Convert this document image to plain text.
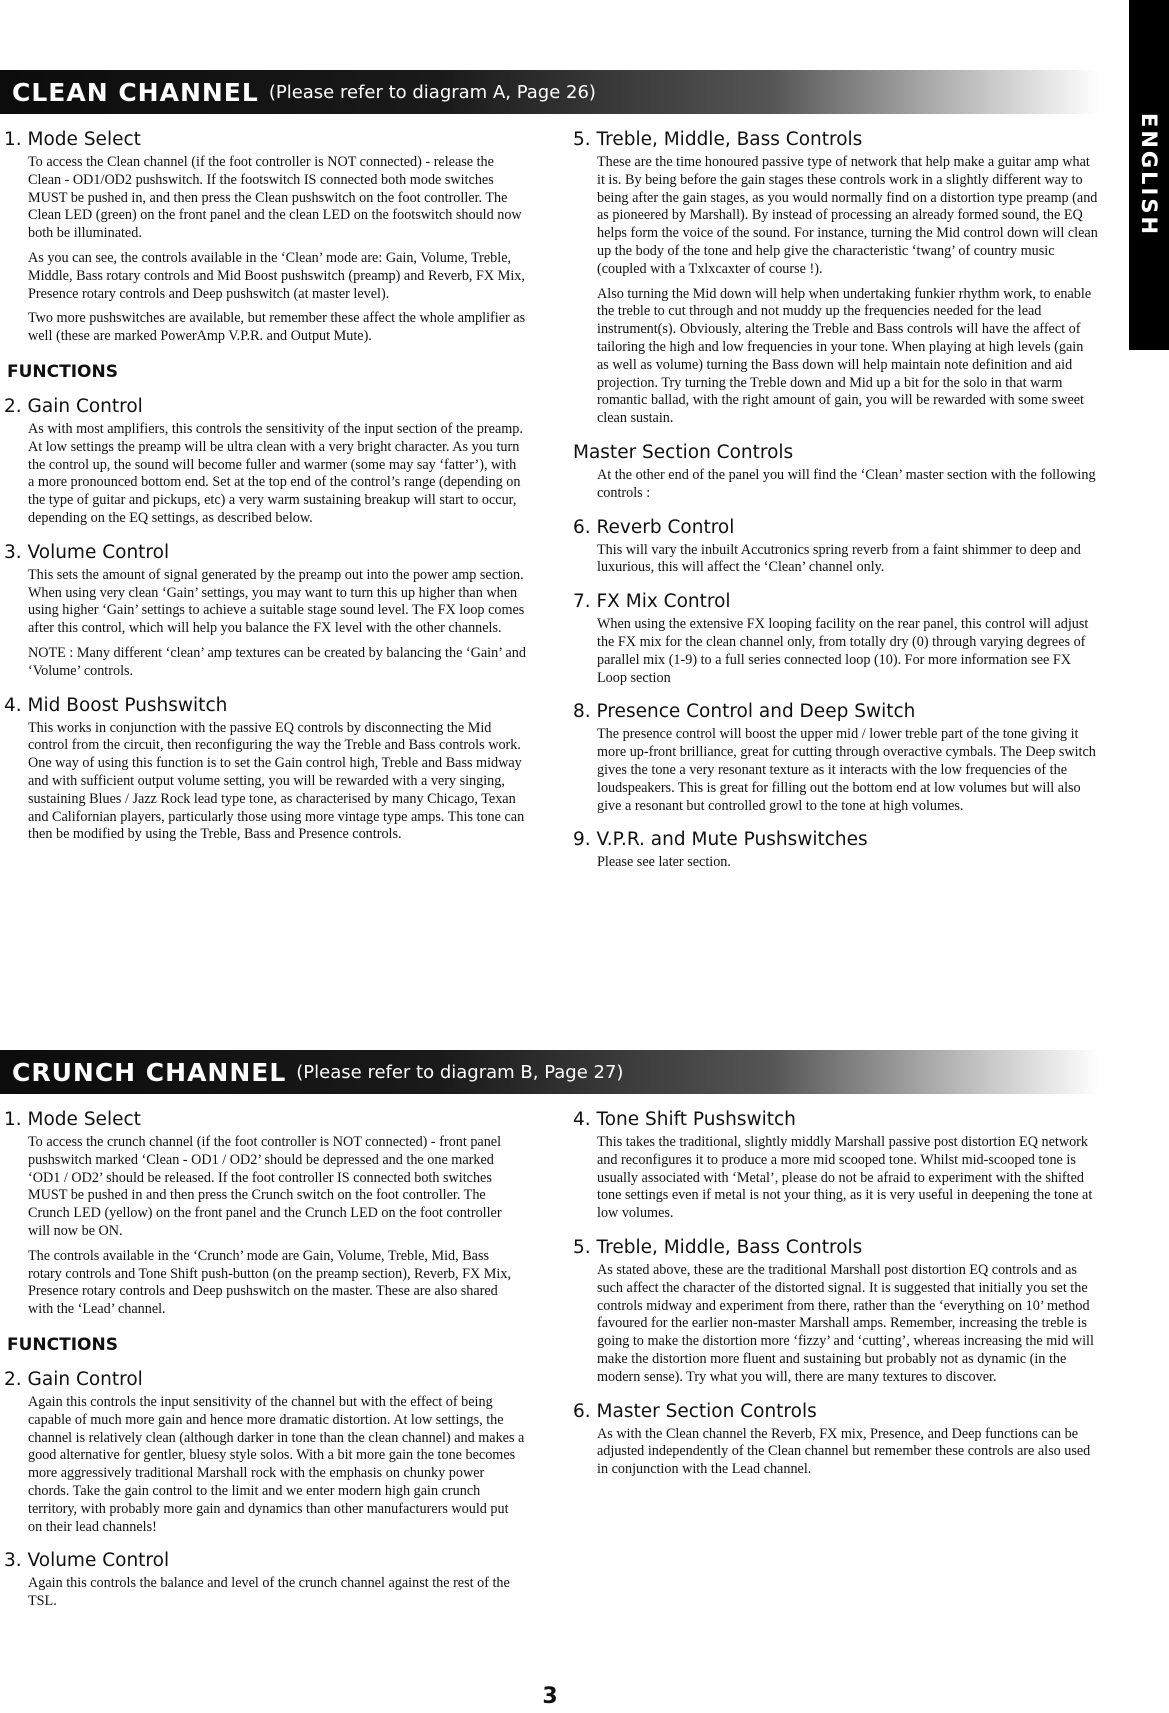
ENGLISH
CLEAN CHANNEL (Please refer to diagram A, Page 26)
1. Mode Select

To access the Clean channel (if the foot controller is NOT connected) - release the Clean - OD1/OD2 pushswitch. If the footswitch IS connected both mode switches MUST be pushed in, and then press the Clean pushswitch on the foot controller. The Clean LED (green) on the front panel and the clean LED on the footswitch should now both be illuminated.

As you can see, the controls available in the ‘Clean’ mode are: Gain, Volume, Treble, Middle, Bass rotary controls and Mid Boost pushswitch (preamp) and Reverb, FX Mix, Presence rotary controls and Deep pushswitch (at master level).

Two more pushswitches are available, but remember these affect the whole amplifier as well (these are marked PowerAmp V.P.R. and Output Mute).

FUNCTIONS
2. Gain Control

As with most amplifiers, this controls the sensitivity of the input section of the preamp. At low settings the preamp will be ultra clean with a very bright character. As you turn the control up, the sound will become fuller and warmer (some may say ‘fatter’), with a more pronounced bottom end. Set at the top end of the control’s range (depending on the type of guitar and pickups, etc) a very warm sustaining breakup will start to occur, depending on the EQ settings, as described below.

3. Volume Control

This sets the amount of signal generated by the preamp out into the power amp section. When using very clean ‘Gain’ settings, you may want to turn this up higher than when using higher ‘Gain’ settings to achieve a suitable stage sound level. The FX loop comes after this control, which will help you balance the FX level with the other channels.

NOTE : Many different ‘clean’ amp textures can be created by balancing the ‘Gain’ and ‘Volume’ controls.

4. Mid Boost Pushswitch

This works in conjunction with the passive EQ controls by disconnecting the Mid control from the circuit, then reconfiguring the way the Treble and Bass controls work. One way of using this function is to set the Gain control high, Treble and Bass midway and with sufficient output volume setting, you will be rewarded with a very singing, sustaining Blues / Jazz Rock lead type tone, as characterised by many Chicago, Texan and Californian players, particularly those using more vintage type amps. This tone can then be modified by using the Treble, Bass and Presence controls.

5. Treble, Middle, Bass Controls

These are the time honoured passive type of network that help make a guitar amp what it is. By being before the gain stages these controls work in a slightly different way to being after the gain stages, as you would normally find on a distortion type preamp (and as pioneered by Marshall). By instead of processing an already formed sound, the EQ helps form the voice of the sound. For instance, turning the Mid control down will clean up the body of the tone and help give the characteristic ‘twang’ of country music (coupled with a Txlxcaxter of course !).

Also turning the Mid down will help when undertaking funkier rhythm work, to enable the treble to cut through and not muddy up the frequencies needed for the lead instrument(s). Obviously, altering the Treble and Bass controls will have the affect of tailoring the high and low frequencies in your tone. When playing at high levels (gain as well as volume) turning the Bass down will help maintain note definition and aid projection. Try turning the Treble down and Mid up a bit for the solo in that warm romantic ballad, with the right amount of gain, you will be rewarded with some sweet clean sustain.

Master Section Controls

At the other end of the panel you will find the ‘Clean’ master section with the following controls :

6. Reverb Control

This will vary the inbuilt Accutronics spring reverb from a faint shimmer to deep and luxurious, this will affect the ‘Clean’ channel only.

7. FX Mix Control

When using the extensive FX looping facility on the rear panel, this control will adjust the FX mix for the clean channel only, from totally dry (0) through varying degrees of parallel mix (1-9) to a full series connected loop (10). For more information see FX Loop section

8. Presence Control and Deep Switch

The presence control will boost the upper mid / lower treble part of the tone giving it more up-front brilliance, great for cutting through overactive cymbals. The Deep switch gives the tone a very resonant texture as it interacts with the low frequencies of the loudspeakers. This is great for filling out the bottom end at low volumes but will also give a resonant but controlled growl to the tone at high volumes.

9. V.P.R. and Mute Pushswitches

Please see later section.

CRUNCH CHANNEL (Please refer to diagram B, Page 27)
1. Mode Select

To access the crunch channel (if the foot controller is NOT connected) - front panel pushswitch marked ‘Clean - OD1 / OD2’ should be depressed and the one marked ‘OD1 / OD2’ should be released. If the foot controller IS connected both switches MUST be pushed in and then press the Crunch switch on the foot controller. The Crunch LED (yellow) on the front panel and the Crunch LED on the foot controller will now be ON.

The controls available in the ‘Crunch’ mode are Gain, Volume, Treble, Mid, Bass rotary controls and Tone Shift push-button (on the preamp section), Reverb, FX Mix, Presence rotary controls and Deep pushswitch on the master. These are also shared with the ‘Lead’ channel.

FUNCTIONS
2. Gain Control

Again this controls the input sensitivity of the channel but with the effect of being capable of much more gain and hence more dramatic distortion. At low settings, the channel is relatively clean (although darker in tone than the clean channel) and makes a good alternative for gentler, bluesy style solos. With a bit more gain the tone becomes more aggressively traditional Marshall rock with the emphasis on chunky power chords. Take the gain control to the limit and we enter modern high gain crunch territory, with probably more gain and dynamics than other manufacturers would put on their lead channels!

3. Volume Control

Again this controls the balance and level of the crunch channel against the rest of the TSL.

4. Tone Shift Pushswitch

This takes the traditional, slightly middly Marshall passive post distortion EQ network and reconfigures it to produce a more mid scooped tone. Whilst mid-scooped tone is usually associated with ‘Metal’, please do not be afraid to experiment with the shifted tone settings even if metal is not your thing, as it is very useful in deepening the tone at low volumes.

5. Treble, Middle, Bass Controls

As stated above, these are the traditional Marshall post distortion EQ controls and as such affect the character of the distorted signal. It is suggested that initially you set the controls midway and experiment from there, rather than the ‘everything on 10’ method favoured for the earlier non-master Marshall amps. Remember, increasing the treble is going to make the distortion more ‘fizzy’ and ‘cutting’, whereas increasing the mid will make the distortion more fluent and sustaining but probably not as dynamic (in the modern sense). Try what you will, there are many textures to discover.

6. Master Section Controls

As with the Clean channel the Reverb, FX mix, Presence, and Deep functions can be adjusted independently of the Clean channel but remember these controls are also used in conjunction with the Lead channel.

3
